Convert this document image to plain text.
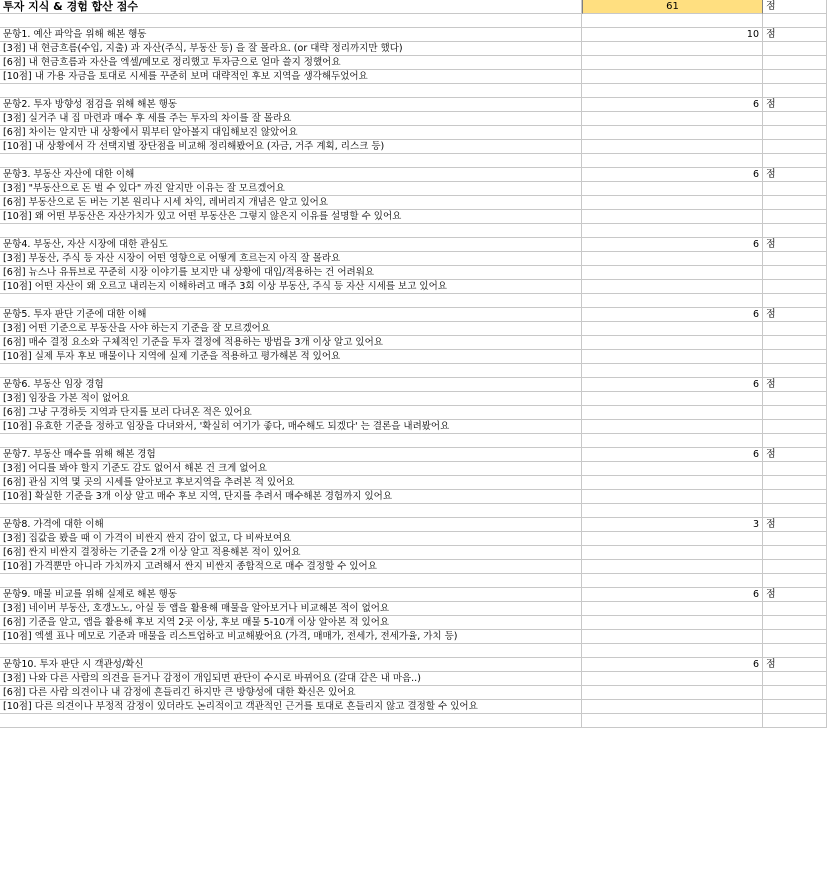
투자 지식 & 경험 합산 점수	61	점
문항1. 예산 파악을 위해 해본 행동	10 점
[3점] 내 현금흐름(수입, 지출) 과 자산(주식, 부동산 등) 을 잘 몰라요. (or 대략 정리까지만 했다)
[6점] 내 현금흐름과 자산을 엑셀/메모로 정리했고 투자금으로 얼마 쓸지 정했어요
[10점] 내 가용 자금을 토대로 시세를 꾸준히 보며 대략적인 후보 지역을 생각해두었어요
문항2. 투자 방향성 점검을 위해 해본 행동	6 점
[3점] 실거주 내 집 마련과 매수 후 세를 주는 투자의 차이를 잘 몰라요
[6점] 차이는 알지만 내 상황에서 뭐부터 알아볼지 대입해보진 않았어요
[10점] 내 상황에서 각 선택지별 장단점을 비교해 정리해봤어요 (자금, 거주 계획, 리스크 등)
문항3. 부동산 자산에 대한 이해	6 점
[3점] "부동산으로 돈 벌 수 있다" 까진 알지만 이유는 잘 모르겠어요
[6점] 부동산으로 돈 버는 기본 원리나 시세 차익, 레버리지 개념은 알고 있어요
[10점] 왜 어떤 부동산은 자산가치가 있고 어떤 부동산은 그렇지 않은지 이유를 설명할 수 있어요
문항4. 부동산, 자산 시장에 대한 관심도	6 점
[3점] 부동산, 주식 등 자산 시장이 어떤 영향으로 어떻게 흐르는지 아직 잘 몰라요
[6점] 뉴스나 유튜브로 꾸준히 시장 이야기를 보지만 내 상황에 대입/적용하는 건 어려워요
[10점] 어떤 자산이 왜 오르고 내리는지 이해하려고 매주 3회 이상 부동산, 주식 등 자산 시세를 보고 있어요
문항5. 투자 판단 기준에 대한 이해	6 점
[3점] 어떤 기준으로 부동산을 사야 하는지 기준을 잘 모르겠어요
[6점] 매수 결정 요소와 구체적인 기준을 투자 결정에 적용하는 방법을 3개 이상 알고 있어요
[10점] 실제 투자 후보 매물이나 지역에 실제 기준을 적용하고 평가해본 적 있어요
문항6. 부동산 임장 경험	6 점
[3점] 임장을 가본 적이 없어요
[6점] 그냥 구경하듯 지역과 단지를 보러 다녀온 적은 있어요
[10점] 유효한 기준을 정하고 임장을 다녀와서, '확실히 여기가 좋다, 매수해도 되겠다' 는 결론을 내려봤어요
문항7. 부동산 매수를 위해 해본 경험	6 점
[3점] 어디를 봐야 할지 기준도 감도 없어서 해본 건 크게 없어요
[6점] 관심 지역 몇 곳의 시세를 알아보고 후보지역을 추려본 적 있어요
[10점] 확실한 기준을 3개 이상 알고 매수 후보 지역, 단지를 추려서 매수해본 경험까지 있어요
문항8. 가격에 대한 이해	3 점
[3점] 집값을 봤을 때 이 가격이 비싼지 싼지 감이 없고, 다 비싸보여요
[6점] 싼지 비싼지 결정하는 기준을 2개 이상 알고 적용해본 적이 있어요
[10점] 가격뿐만 아니라 가치까지 고려해서 싼지 비싼지 종합적으로 매수 결정할 수 있어요
문항9. 매물 비교를 위해 실제로 해본 행동	6 점
[3점] 네이버 부동산, 호갱노노, 아실 등 앱을 활용해 매물을 알아보거나 비교해본 적이 없어요
[6점] 기준을 알고, 앱을 활용해 후보 지역 2곳 이상, 후보 매물 5-10개 이상 알아본 적 있어요
[10점] 엑셀 표나 메모로 기준과 매물을 리스트업하고 비교해봤어요 (가격, 매매가, 전세가, 전세가율, 가치 등)
문항10. 투자 판단 시 객관성/확신	6 점
[3점] 나와 다른 사람의 의견을 듣거나 감정이 개입되면 판단이 수시로 바뀌어요 (갈대 같은 내 마음..)
[6점] 다른 사람 의견이나 내 감정에 흔들리긴 하지만 큰 방향성에 대한 확신은 있어요
[10점] 다른 의견이나 부정적 감정이 있더라도 논리적이고 객관적인 근거를 토대로 흔들리지 않고 결정할 수 있어요
